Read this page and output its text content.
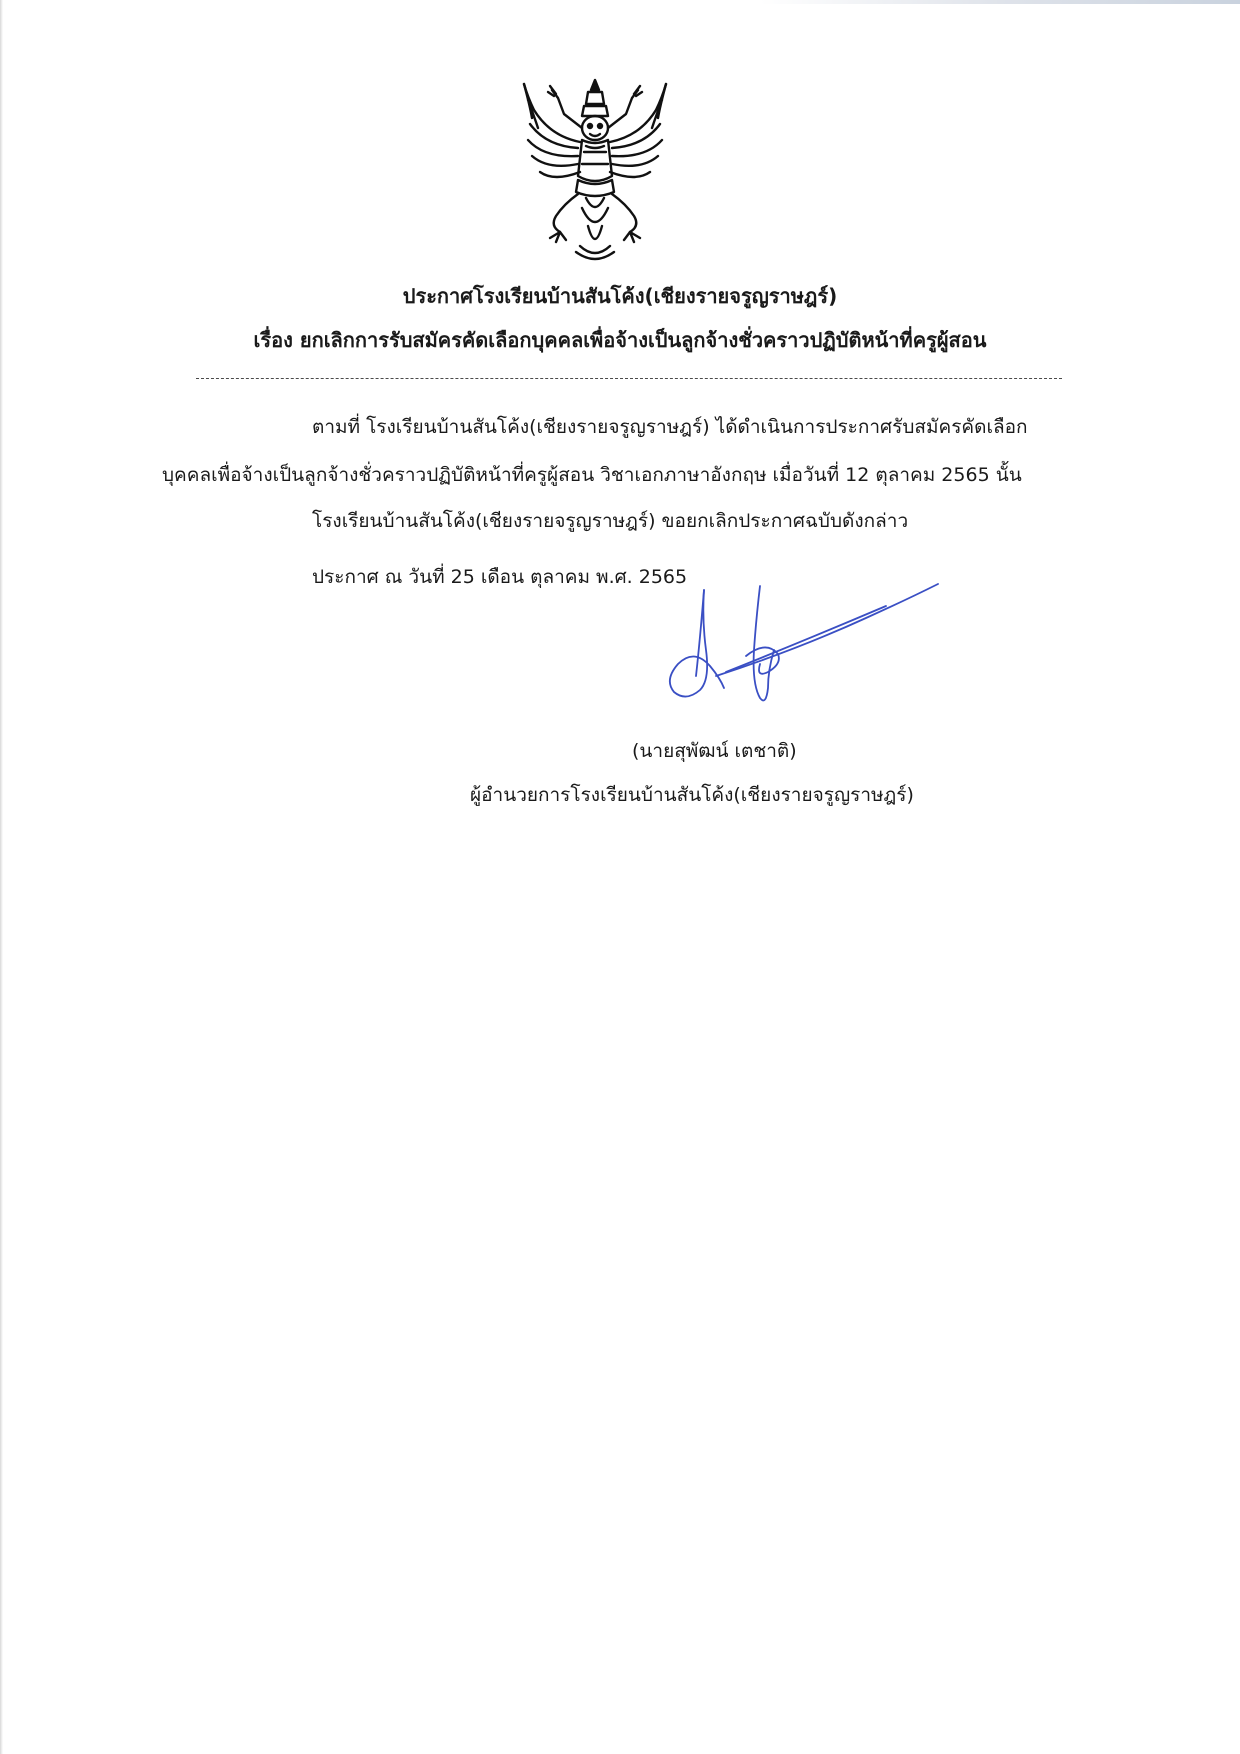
ประกาศโรงเรียนบ้านสันโค้ง(เชียงรายจรูญราษฎร์)
เรื่อง ยกเลิกการรับสมัครคัดเลือกบุคคลเพื่อจ้างเป็นลูกจ้างชั่วคราวปฏิบัติหน้าที่ครูผู้สอน
ตามที่ โรงเรียนบ้านสันโค้ง(เชียงรายจรูญราษฎร์) ได้ดำเนินการประกาศรับสมัครคัดเลือก
บุคคลเพื่อจ้างเป็นลูกจ้างชั่วคราวปฏิบัติหน้าที่ครูผู้สอน วิชาเอกภาษาอังกฤษ เมื่อวันที่ 12 ตุลาคม 2565 นั้น
โรงเรียนบ้านสันโค้ง(เชียงรายจรูญราษฎร์) ขอยกเลิกประกาศฉบับดังกล่าว
ประกาศ ณ วันที่ 25 เดือน ตุลาคม พ.ศ. 2565
(นายสุพัฒน์ เตชาติ)
ผู้อำนวยการโรงเรียนบ้านสันโค้ง(เชียงรายจรูญราษฎร์)
